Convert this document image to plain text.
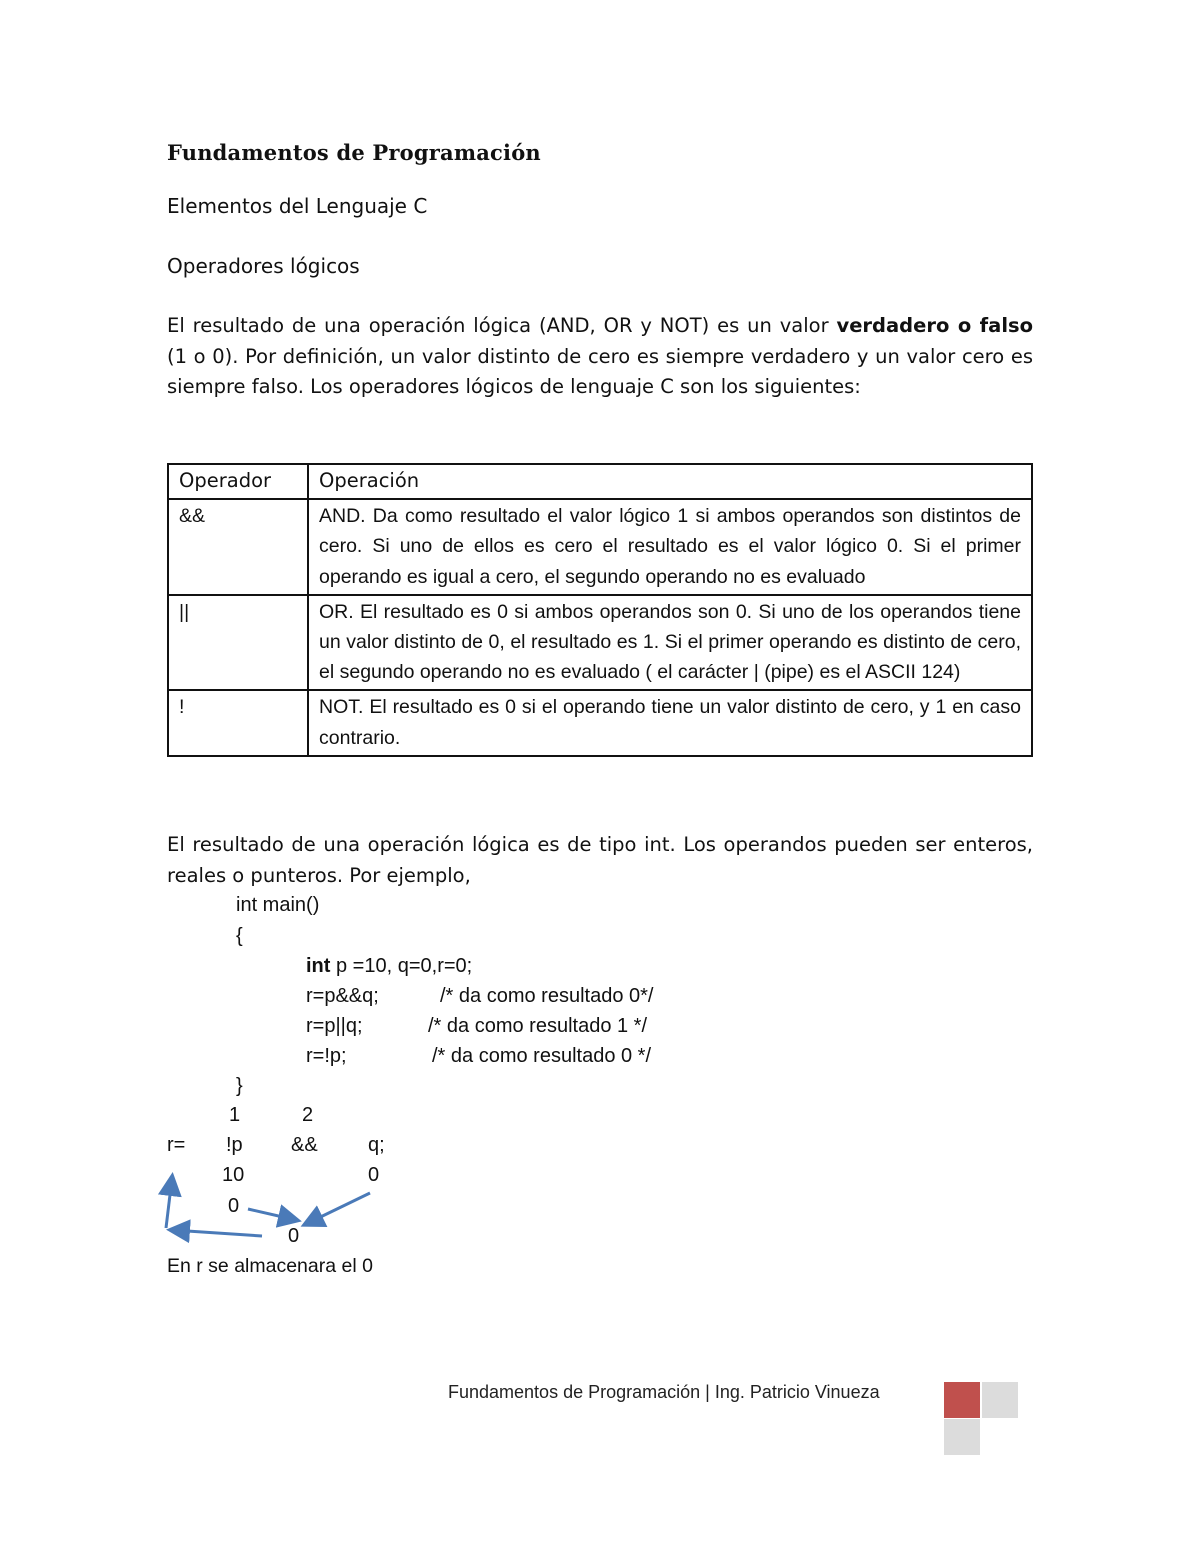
Fundamentos de Programación
Elementos del Lenguaje C
Operadores lógicos
El resultado de una operación lógica (AND, OR y NOT) es un valor verdadero o falso (1 o 0). Por definición, un valor distinto de cero es siempre verdadero y un valor cero es siempre falso. Los operadores lógicos de lenguaje C son los siguientes:
Operador	Operación
&&	AND. Da como resultado el valor lógico 1 si ambos operandos son distintos de cero. Si uno de ellos es cero el resultado es el valor lógico 0. Si el primer operando es igual a cero, el segundo operando no es evaluado
||	OR. El resultado es 0 si ambos operandos son 0. Si uno de los operandos tiene un valor distinto de 0, el resultado es 1. Si el primer operando es distinto de cero, el segundo operando no es evaluado ( el carácter | (pipe) es el ASCII 124)
!	NOT. El resultado es 0 si el operando tiene un valor distinto de cero, y 1 en caso contrario.
El resultado de una operación lógica es de tipo int. Los operandos pueden ser enteros, reales o punteros. Por ejemplo,
int main()
{
int p =10, q=0,r=0;
r=p&&q;	/* da como resultado 0*/
r=p||q;	/* da como resultado 1 */
r=!p;	/* da como resultado 0 */
}
1	2
r= !p &&	q;
10	0
0
0
En r se almacenara el 0
Fundamentos de Programación | Ing. Patricio Vinueza
